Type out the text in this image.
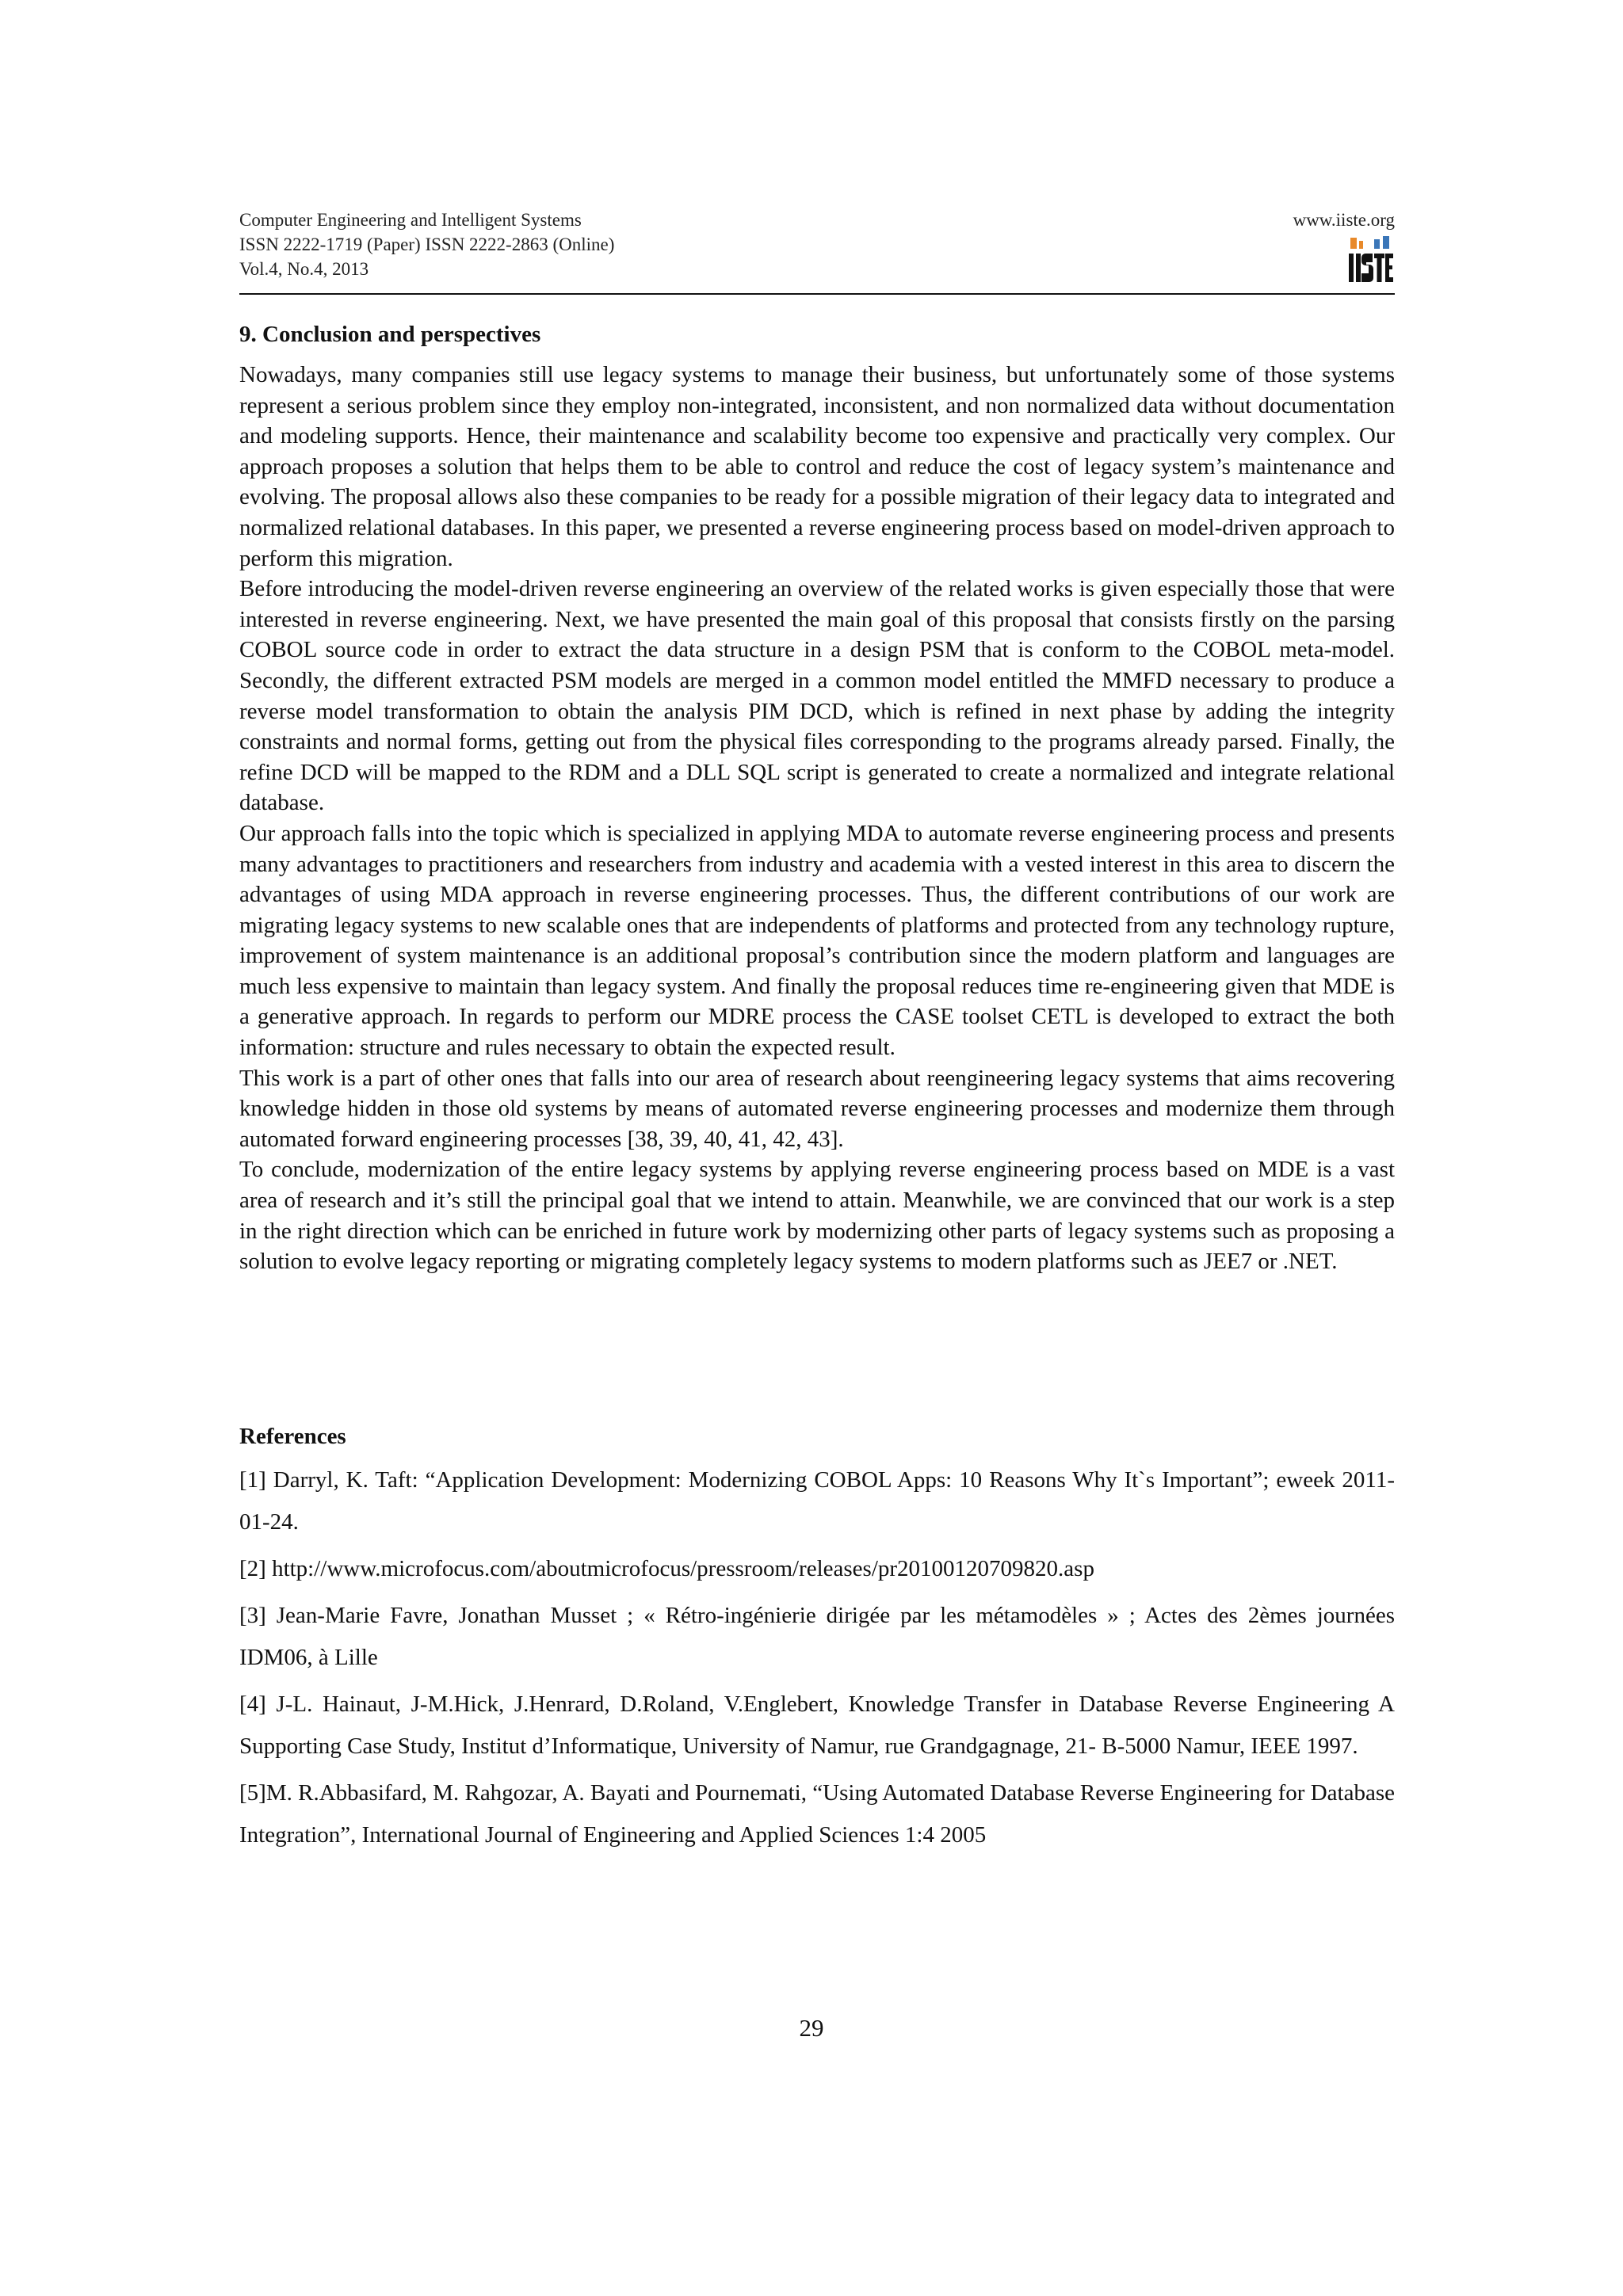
Computer Engineering and Intelligent Systems
ISSN 2222-1719 (Paper) ISSN 2222-2863 (Online)
Vol.4, No.4, 2013
www.iiste.org
9. Conclusion and perspectives

Nowadays, many companies still use legacy systems to manage their business, but unfortunately some of those systems represent a serious problem since they employ non-integrated, inconsistent, and non normalized data without documentation and modeling supports. Hence, their maintenance and scalability become too expensive and practically very complex. Our approach proposes a solution that helps them to be able to control and reduce the cost of legacy system’s maintenance and evolving. The proposal allows also these companies to be ready for a possible migration of their legacy data to integrated and normalized relational databases. In this paper, we presented a reverse engineering process based on model-driven approach to perform this migration.

Before introducing the model-driven reverse engineering an overview of the related works is given especially those that were interested in reverse engineering. Next, we have presented the main goal of this proposal that consists firstly on the parsing COBOL source code in order to extract the data structure in a design PSM that is conform to the COBOL meta-model. Secondly, the different extracted PSM models are merged in a common model entitled the MMFD necessary to produce a reverse model transformation to obtain the analysis PIM DCD, which is refined in next phase by adding the integrity constraints and normal forms, getting out from the physical files corresponding to the programs already parsed. Finally, the refine DCD will be mapped to the RDM and a DLL SQL script is generated to create a normalized and integrate relational database.

Our approach falls into the topic which is specialized in applying MDA to automate reverse engineering process and presents many advantages to practitioners and researchers from industry and academia with a vested interest in this area to discern the advantages of using MDA approach in reverse engineering processes. Thus, the different contributions of our work are migrating legacy systems to new scalable ones that are independents of platforms and protected from any technology rupture, improvement of system maintenance is an additional proposal’s contribution since the modern platform and languages are much less expensive to maintain than legacy system. And finally the proposal reduces time re-engineering given that MDE is a generative approach. In regards to perform our MDRE process the CASE toolset CETL is developed to extract the both information: structure and rules necessary to obtain the expected result.

This work is a part of other ones that falls into our area of research about reengineering legacy systems that aims recovering knowledge hidden in those old systems by means of automated reverse engineering processes and modernize them through automated forward engineering processes [38, 39, 40, 41, 42, 43].

To conclude, modernization of the entire legacy systems by applying reverse engineering process based on MDE is a vast area of research and it’s still the principal goal that we intend to attain. Meanwhile, we are convinced that our work is a step in the right direction which can be enriched in future work by modernizing other parts of legacy systems such as proposing a solution to evolve legacy reporting or migrating completely legacy systems to modern platforms such as JEE7 or .NET.

References

[1] Darryl, K. Taft: “Application Development: Modernizing COBOL Apps: 10 Reasons Why It`s Important”; eweek 2011-01-24.

[2] http://www.microfocus.com/aboutmicrofocus/pressroom/releases/pr20100120709820.asp

[3] Jean-Marie Favre, Jonathan Musset ; « Rétro-ingénierie dirigée par les métamodèles » ; Actes des 2èmes journées IDM06, à Lille

[4] J-L. Hainaut, J-M.Hick, J.Henrard, D.Roland, V.Englebert, Knowledge Transfer in Database Reverse Engineering A Supporting Case Study, Institut d’Informatique, University of Namur, rue Grandgagnage, 21- B-5000 Namur, IEEE 1997.

[5]M. R.Abbasifard, M. Rahgozar, A. Bayati and Pournemati, “Using Automated Database Reverse Engineering for Database Integration”, International Journal of Engineering and Applied Sciences 1:4 2005

29
